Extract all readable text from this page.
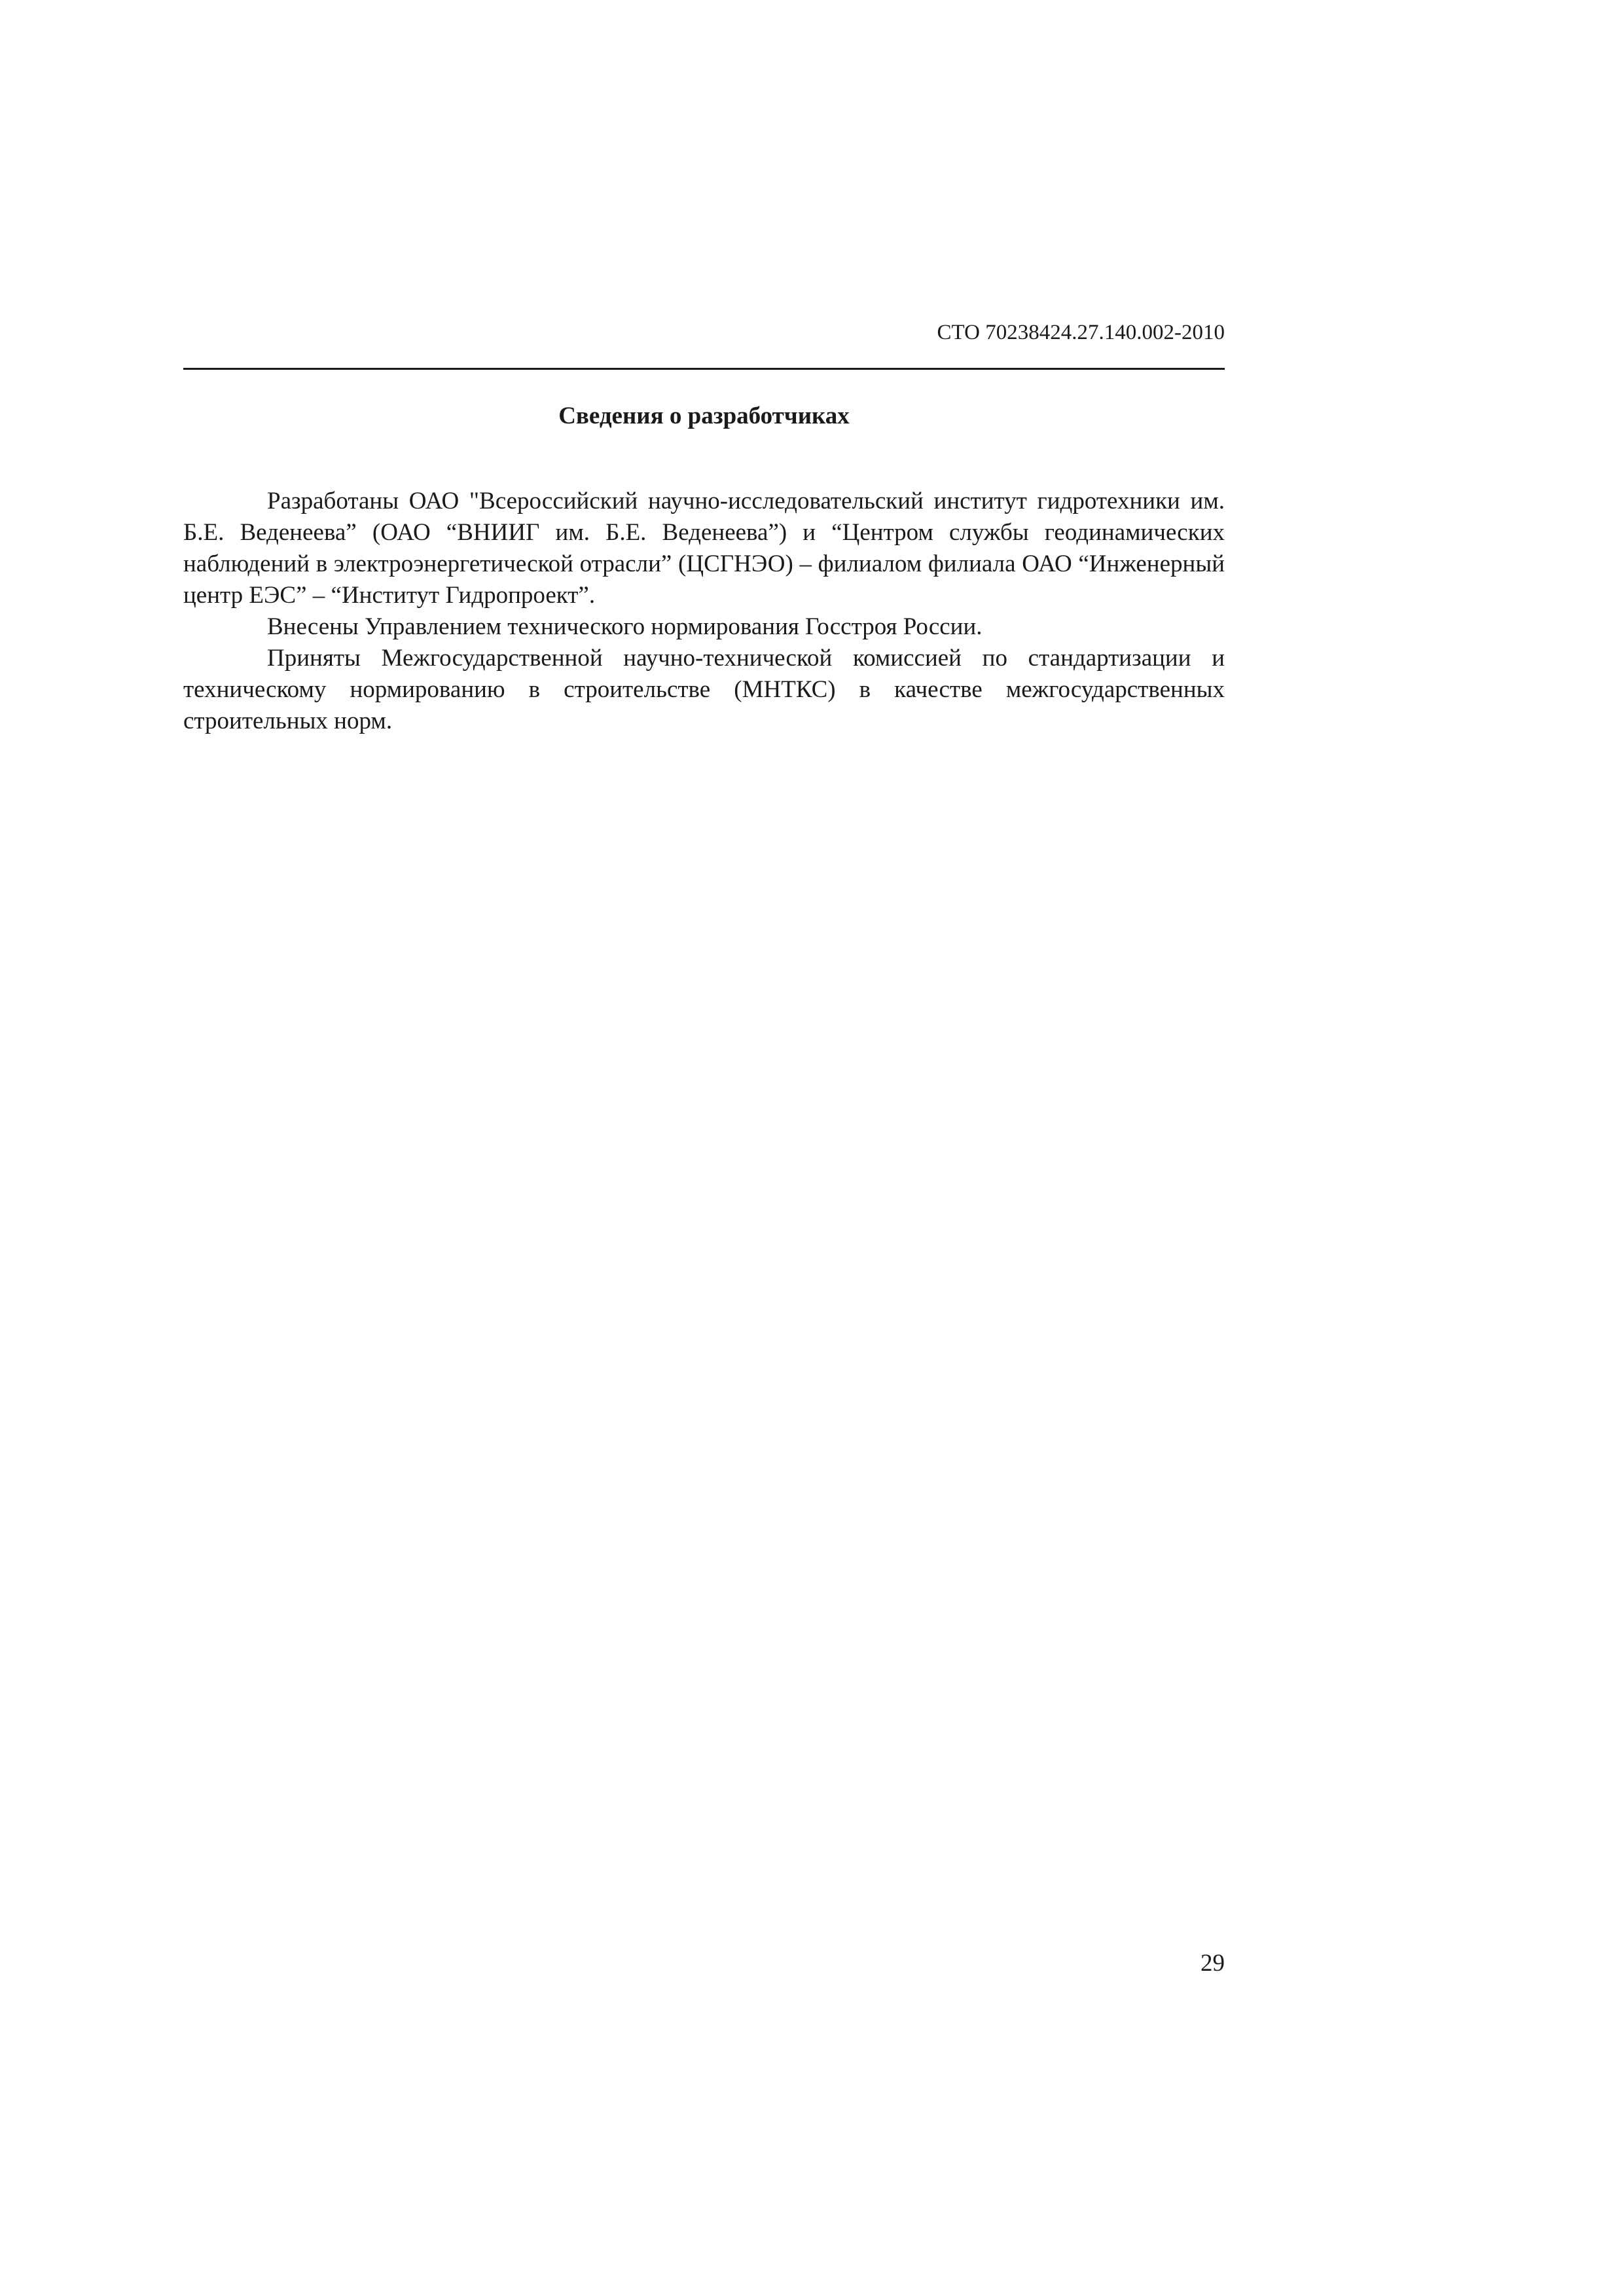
СТО 70238424.27.140.002-2010
Сведения о разработчиках

Разработаны ОАО "Всероссийский научно-исследовательский институт гидротехники им. Б.Е. Веденеева” (ОАО “ВНИИГ им. Б.Е. Веденеева”) и “Центром службы геодинамических наблюдений в электроэнергетической отрасли” (ЦСГНЭО) – филиалом филиала ОАО “Инженерный центр ЕЭС” – “Институт Гидропроект”.

Внесены Управлением технического нормирования Госстроя России.

Приняты Межгосударственной научно-технической комиссией по стандартизации и техническому нормированию в строительстве (МНТКС) в качестве межгосударственных строительных норм.

29
